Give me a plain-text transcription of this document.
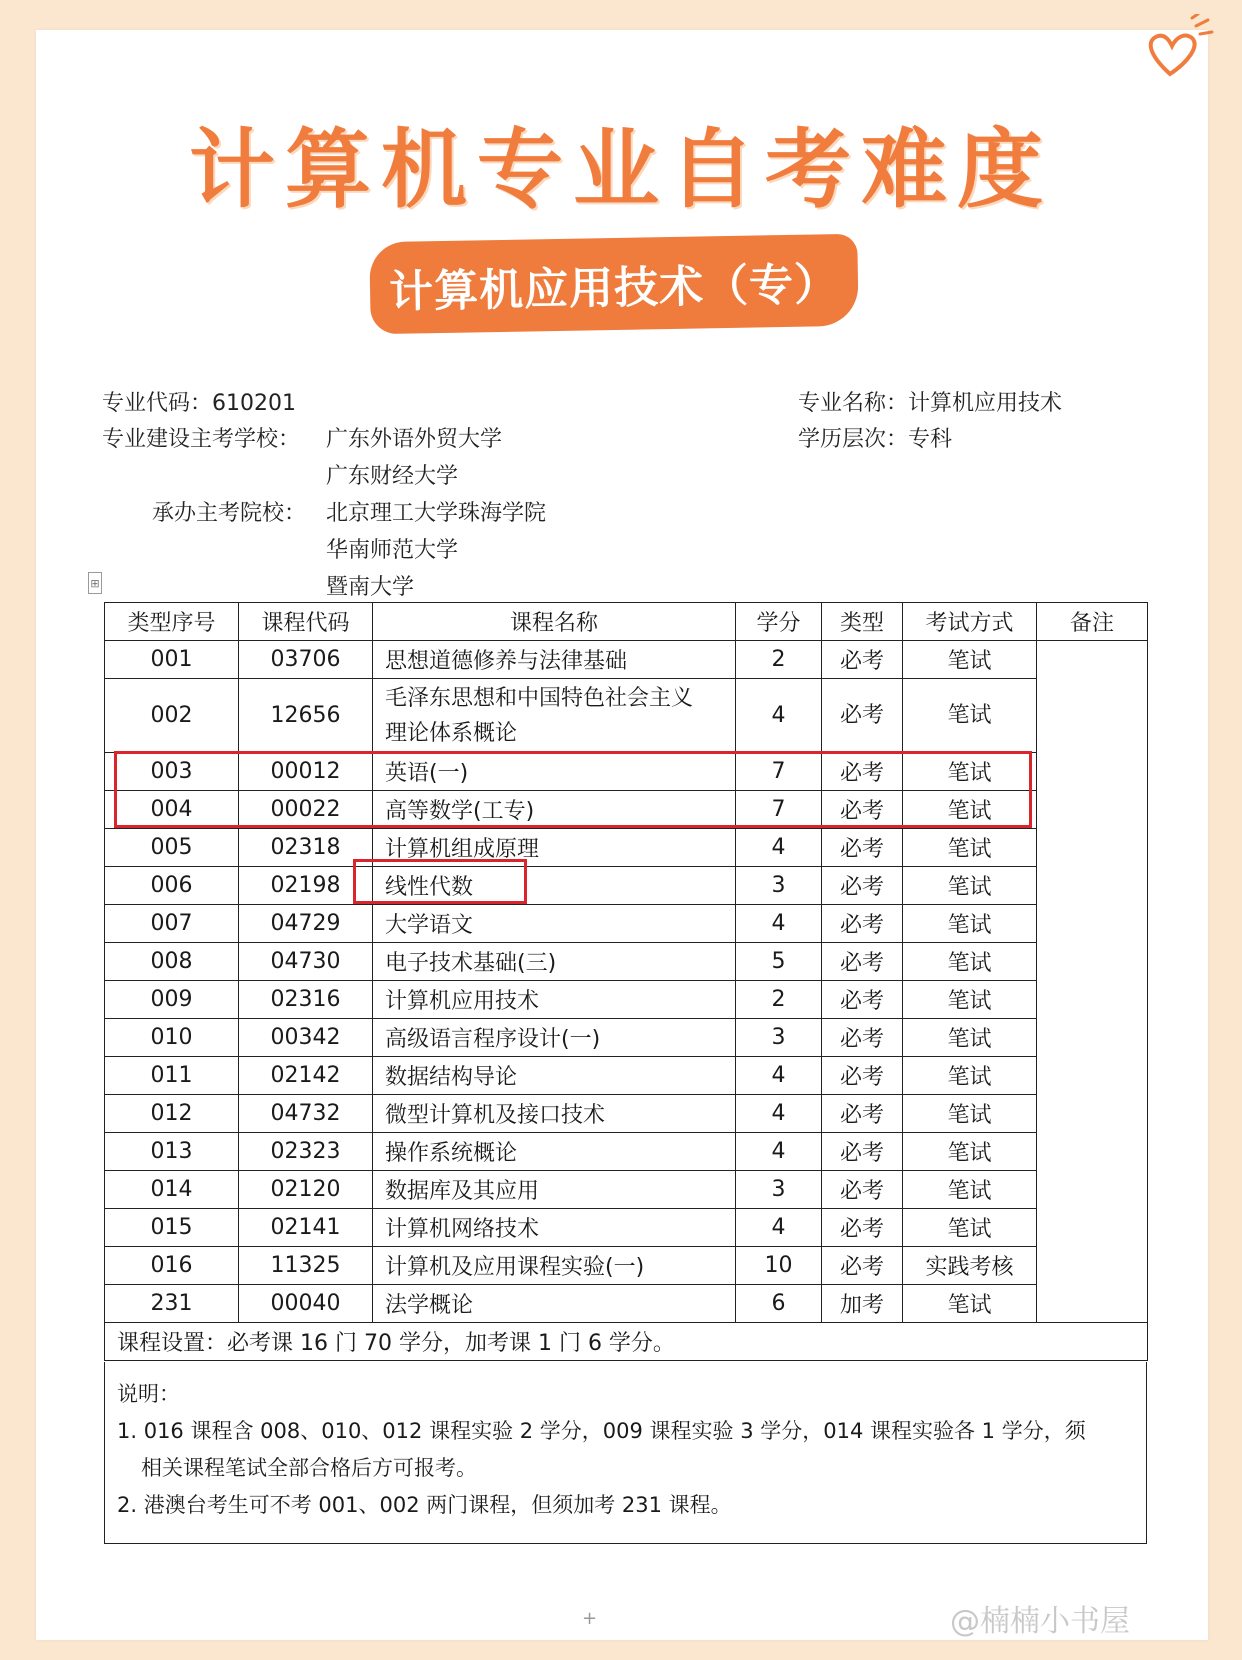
计算机专业自考难度
计算机应用技术（专）
专业代码：610201	专业名称：计算机应用技术
专业建设主考学校： 广东外语外贸大学
广东财经大学
学历层次：专科
承办主考院校： 北京理工大学珠海学院
华南师范大学
暨南大学
⊞
类型序号	课程代码	课程名称	学分	类型	考试方式	备注
001	03706	思想道德修养与法律基础	2	必考	笔试	
002	12656	毛泽东思想和中国特色社会主义
理论体系概论	4	必考	笔试	
003	00012	英语(一)	7	必考	笔试	
004	00022	高等数学(工专)	7	必考	笔试	
005	02318	计算机组成原理	4	必考	笔试	
006	02198	线性代数	3	必考	笔试	
007	04729	大学语文	4	必考	笔试	
008	04730	电子技术基础(三)	5	必考	笔试	
009	02316	计算机应用技术	2	必考	笔试	
010	00342	高级语言程序设计(一)	3	必考	笔试	
011	02142	数据结构导论	4	必考	笔试	
012	04732	微型计算机及接口技术	4	必考	笔试	
013	02323	操作系统概论	4	必考	笔试	
014	02120	数据库及其应用	3	必考	笔试	
015	02141	计算机网络技术	4	必考	笔试	
016	11325	计算机及应用课程实验(一)	10	必考	实践考核	
231	00040	法学概论	6	加考	笔试	
课程设置：必考课 16 门 70 学分，加考课 1 门 6 学分。						
说明：
1. 016 课程含 008、010、012 课程实验 2 学分，009 课程实验 3 学分，014 课程实验各 1 学分，须
相关课程笔试全部合格后方可报考。
2. 港澳台考生可不考 001、002 两门课程，但须加考 231 课程。
+	@楠楠小书屋
